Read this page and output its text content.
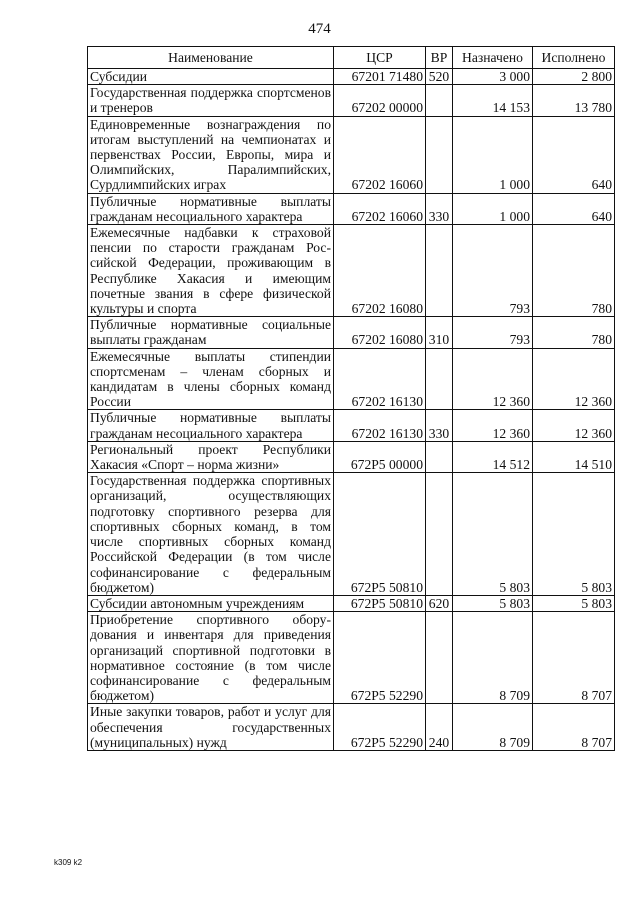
474
Наименование	ЦСР	ВР	Назначено	Исполнено
Субсидии	67201 71480	520	3 000	2 800
Государственная поддержка спортсменов и тренеров	67202 00000		14 153	13 780
Единовременные вознаграждения по итогам выступлений на чемпионатах и первенствах России, Европы, мира и Олимпийских, Паралимпийских, Сурдлимпийских играх	67202 16060		1 000	640
Публичные нормативные выплаты гражданам несоциального характера	67202 16060	330	1 000	640
Ежемесячные надбавки к страховой пенсии по старости гражданам Российской Федерации, проживающим в Республике Хакасия и имеющим почетные звания в сфере физической культуры и спорта	67202 16080		793	780
Публичные нормативные социальные выплаты гражданам	67202 16080	310	793	780
Ежемесячные выплаты стипендии спортсменам – членам сборных и кандидатам в члены сборных команд России	67202 16130		12 360	12 360
Публичные нормативные выплаты гражданам несоциального характера	67202 16130	330	12 360	12 360
Региональный проект Республики Хакасия «Спорт – норма жизни»	672P5 00000		14 512	14 510
Государственная поддержка спортивных организаций, осуществляющих подготовку спортивного резерва для спортивных сборных команд, в том числе спортивных сборных команд Российской Федерации (в том числе софинансирование с федеральным бюджетом)	672P5 50810		5 803	5 803
Субсидии автономным учреждениям	672P5 50810	620	5 803	5 803
Приобретение спортивного оборудования и инвентаря для приведения организаций спортивной подготовки в нормативное состояние (в том числе софинансирование с федеральным бюджетом)	672P5 52290		8 709	8 707
Иные закупки товаров, работ и услуг для обеспечения государственных (муниципальных) нужд	672P5 52290	240	8 709	8 707
k309 k2
